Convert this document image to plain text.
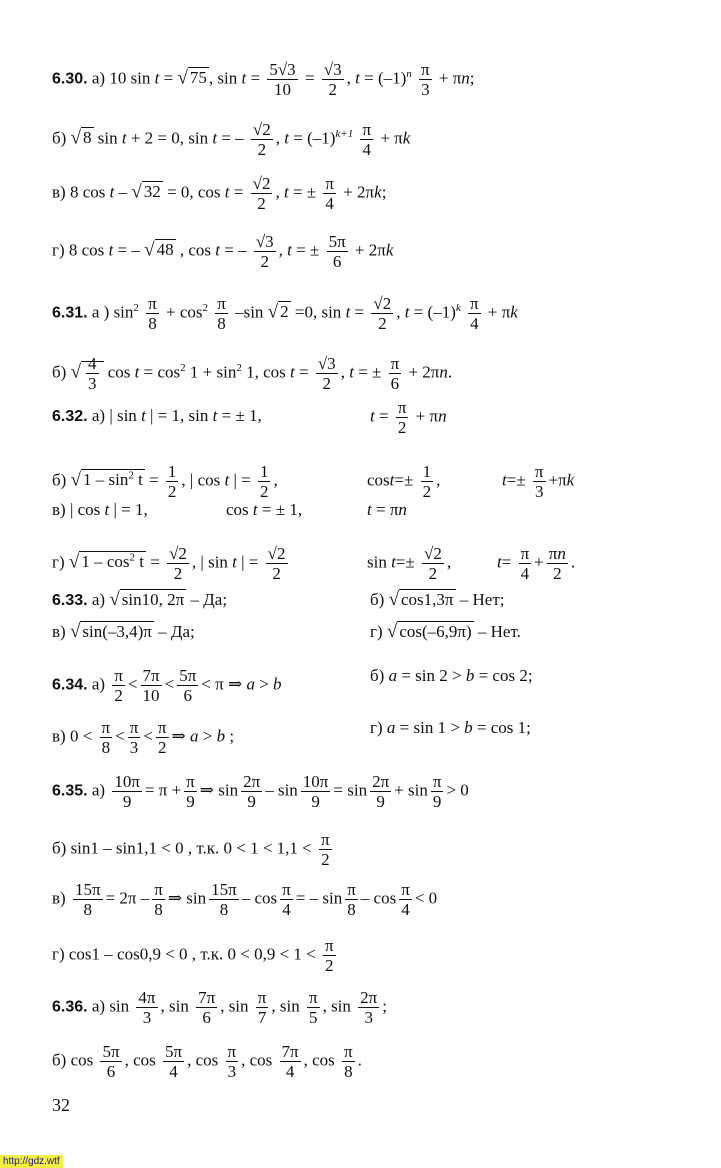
6.30. а) 10 sin t = √ 75 , $\sin t = \frac{5√3}{10} = \frac{√3}{2}$ , $t = (-1)^n \frac{\pi}{3} + \pi n$;
б) √ 8 sin t + 2 = 0, sin t = – $\frac{√2}{2}$ , $t = (-1)^{k+1} \frac{\pi}{4} + \pi k$
в) 8 cos t – √ 32 = 0, $\cos t = \frac{√2}{2}$ , t = ± $\frac{\pi}{4} + 2\pi k$;
г) 8 cos t = – √ 48 , cos t = – $\frac{√3}{2}$ , t = ± $\frac{5\pi}{6} + 2\pi k$
6.31. а ) $\sin^2 \frac{\pi}{8} + \cos^2 \frac{\pi}{8} -\sin$ √ 2 =0, $\sin t = \frac{√2}{2}$ , $t = (-1)^k \frac{\pi}{4} + \pi k$
б) √ $\frac{4}{3}$ $\cos t = \cos^2 1 + \sin^2 1$, $\cos t = \frac{√3}{2}$ , t = ± $\frac{\pi}{6} + 2\pi n$.
6.32. а) | sin t | = 1, sin t = ± 1,	$t = \frac{\pi}{2} + \pi n$
б) √ $1 - \sin^2 t = \frac{1}{2}$ , | cos t | = $\frac{1}{2}$ ,	$\cos t=\pm \frac{1}{2}$ ,	$t=\pm \frac{\pi}{3} +\pi k$
в) | cos t | = 1,	cos t = ± 1,	t = πn
г) √ $1 - \cos^2 t = \frac{√2}{2}$ , | sin t | = $\frac{√2}{2}$	$\sin t=\pm \frac{√2}{2}$ ,	$t= \frac{\pi}{4} + \frac{\pi n}{2}$ .
6.33. а) √ sin10, 2π – Да;	б) √ cos1,3π – Нет;
в) √ sin(–3,4)π – Да;	г) √ cos(–6,9π) – Нет.
6.34. $а) \frac{\pi}{2} < \frac{7\pi}{10} < \frac{5\pi}{6} < \pi$ ⇒ a > b	б) a = sin 2 > b = cos 2;
в) $0 < \frac{\pi}{8} < \frac{\pi}{3} < \frac{\pi}{2}$ ⇒ a > b ;	г) a = sin 1 > b = cos 1;
6.35. $а) \frac{10\pi}{9} = \pi + \frac{\pi}{9}$ ⇒ $\sin \frac{2\pi}{9} - \sin \frac{10\pi}{9} = \sin \frac{2\pi}{9} + \sin \frac{\pi}{9} > 0$
б) sin1 – sin1,1 < 0 , т.к. $0 < 1 < 1,1 < \frac{\pi}{2}$
$в) \frac{15\pi}{8} = 2\pi - \frac{\pi}{8}$ ⇒ $\sin \frac{15\pi}{8}$ – $\cos \frac{\pi}{4}$ = – $\sin \frac{\pi}{8} - \cos \frac{\pi}{4} < 0$
г) cos1 – cos0,9 < 0 , т.к. $0 < 0,9 < 1 < \frac{\pi}{2}$
6.36. а) $\sin \frac{4\pi}{3}$ , $\sin \frac{7\pi}{6}$ , $\sin \frac{\pi}{7}$ , $\sin \frac{\pi}{5}$ , $\sin \frac{2\pi}{3}$ ;
б) $\cos \frac{5\pi}{6}$ , $\cos \frac{5\pi}{4}$ , $\cos \frac{\pi}{3}$ , $\cos \frac{7\pi}{4}$ , $\cos \frac{\pi}{8}$ .
32
http://gdz.wtf
